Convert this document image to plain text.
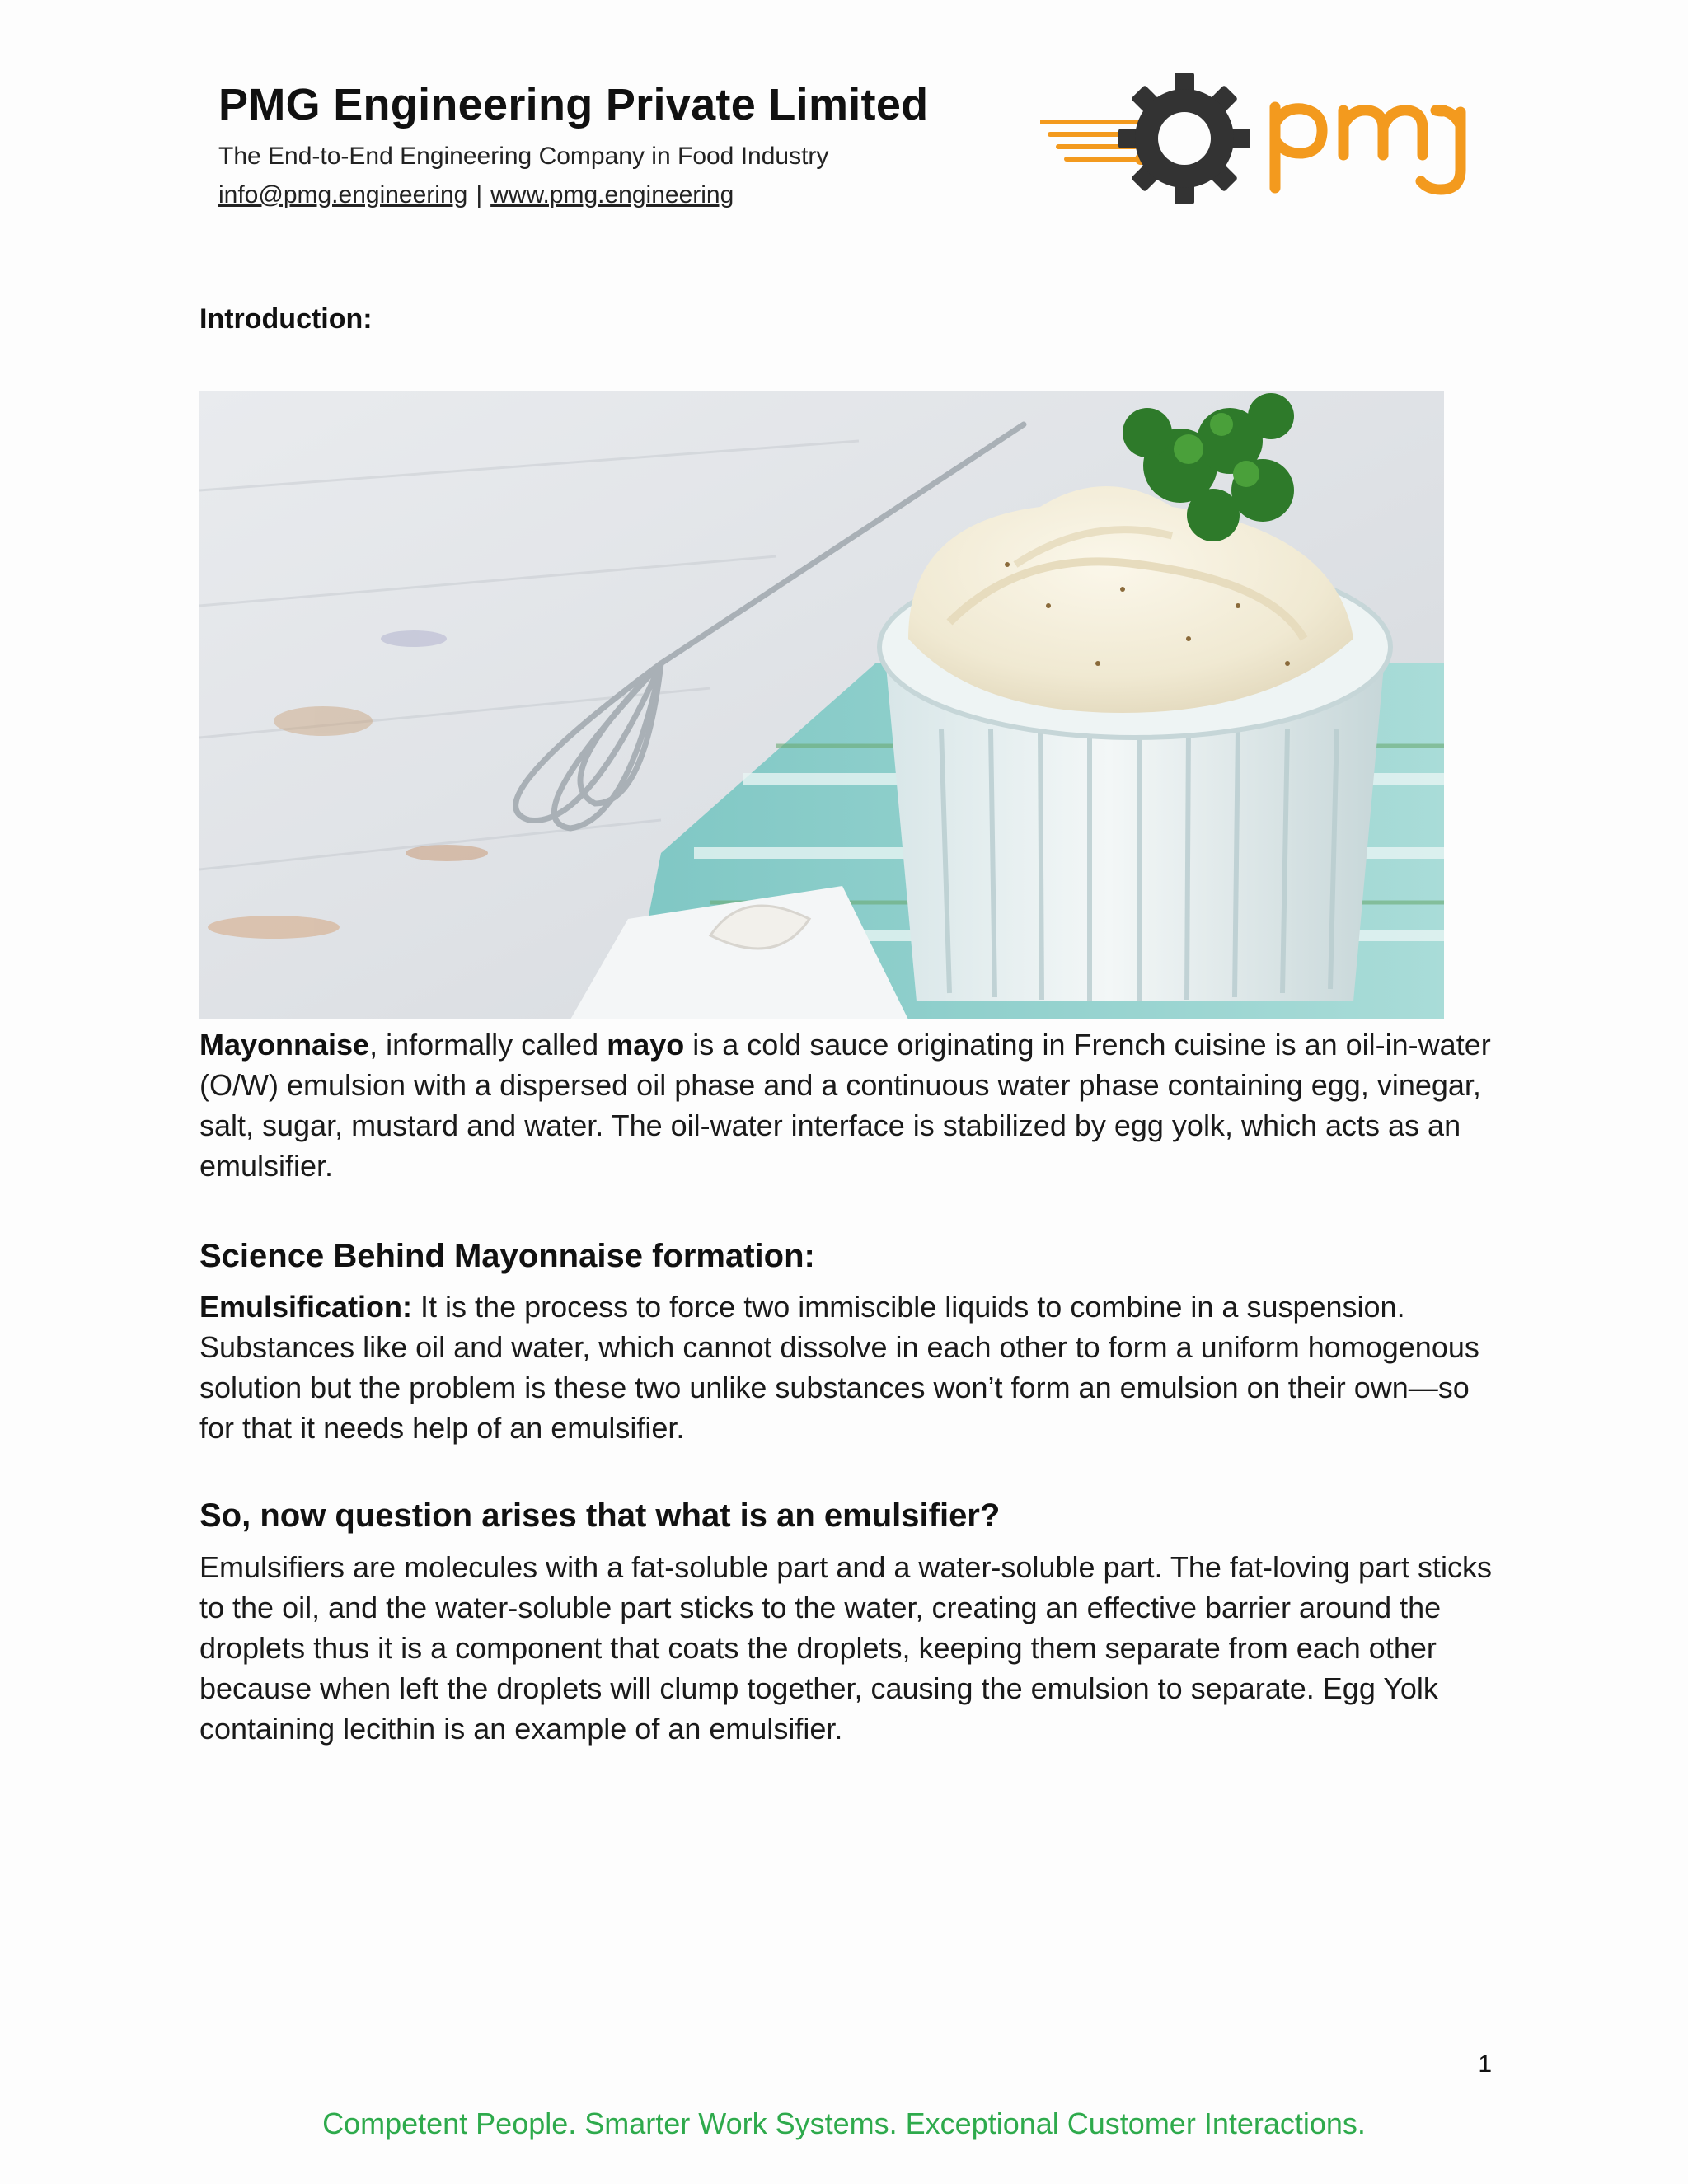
PMG Engineering Private Limited
The End-to-End Engineering Company in Food Industry
info@pmg.engineering | www.pmg.engineering

Introduction:

Mayonnaise, informally called mayo is a cold sauce originating in French cuisine is an oil-in-water (O/W) emulsion with a dispersed oil phase and a continuous water phase containing egg, vinegar, salt, sugar, mustard and water. The oil-water interface is stabilized by egg yolk, which acts as an emulsifier.

Science Behind Mayonnaise formation:

Emulsification: It is the process to force two immiscible liquids to combine in a suspension. Substances like oil and water, which cannot dissolve in each other to form a uniform homogenous solution but the problem is these two unlike substances won’t form an emulsion on their own—so for that it needs help of an emulsifier.

So, now question arises that what is an emulsifier?

Emulsifiers are molecules with a fat-soluble part and a water-soluble part. The fat-loving part sticks to the oil, and the water-soluble part sticks to the water, creating an effective barrier around the droplets thus it is a component that coats the droplets, keeping them separate from each other because when left the droplets will clump together, causing the emulsion to separate. Egg Yolk containing lecithin is an example of an emulsifier.

1
Competent People. Smarter Work Systems. Exceptional Customer Interactions.
